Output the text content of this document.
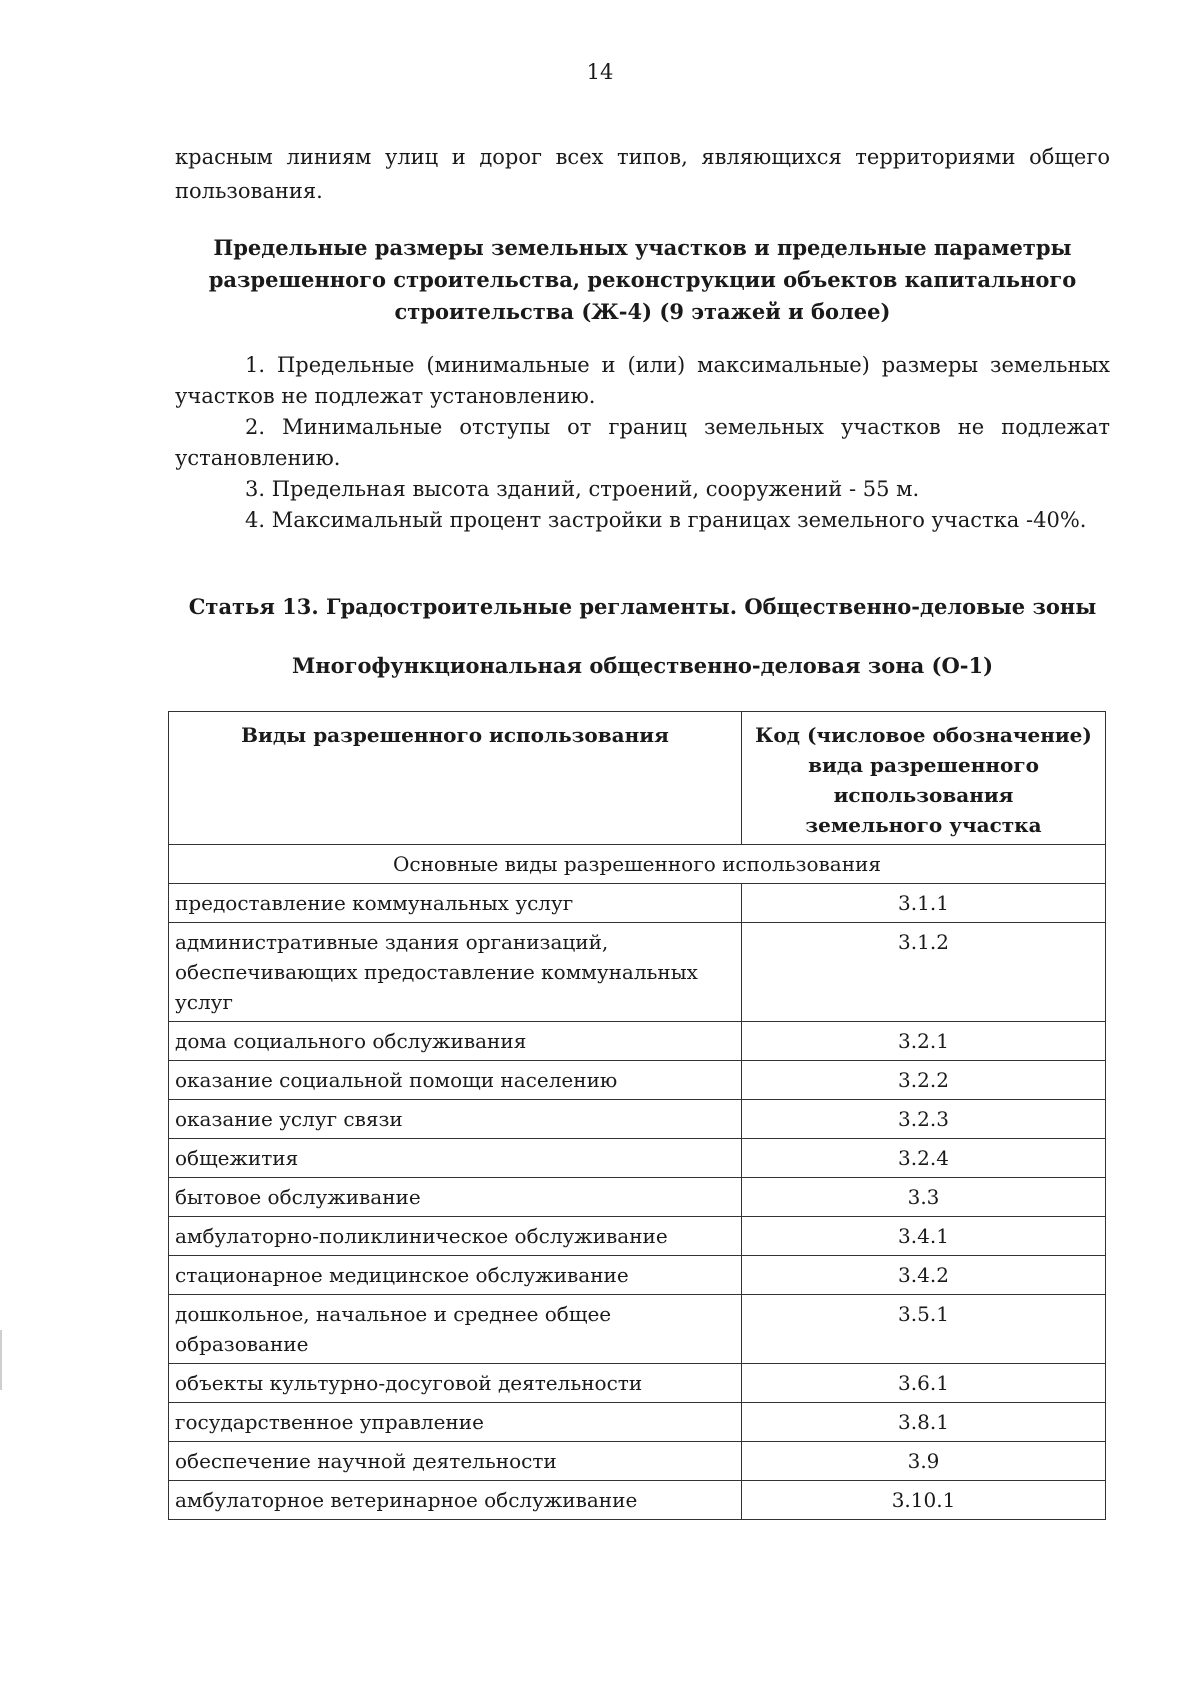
14
красным линиям улиц и дорог всех типов, являющихся территориями общего пользования.
Предельные размеры земельных участков и предельные параметры разрешенного строительства, реконструкции объектов капитального строительства (Ж-4) (9 этажей и более)

1. Предельные (минимальные и (или) максимальные) размеры земельных участков не подлежат установлению.

2. Минимальные отступы от границ земельных участков не подлежат установлению.

3. Предельная высота зданий, строений, сооружений - 55 м.

4. Максимальный процент застройки в границах земельного участка -40%.

Статья 13. Градостроительные регламенты. Общественно-деловые зоны
Многофункциональная общественно-деловая зона (О-1)
Виды разрешенного использования	Код (числовое обозначение)
вида разрешенного
использования
земельного участка

Основные виды разрешенного использования	
предоставление коммунальных услуг	3.1.1
административные здания организаций, обеспечивающих предоставление коммунальных услуг	3.1.2
дома социального обслуживания	3.2.1
оказание социальной помощи населению	3.2.2
оказание услуг связи	3.2.3
общежития	3.2.4
бытовое обслуживание	3.3
амбулаторно-поликлиническое обслуживание	3.4.1
стационарное медицинское обслуживание	3.4.2
дошкольное, начальное и среднее общее образование	3.5.1
объекты культурно-досуговой деятельности	3.6.1
государственное управление	3.8.1
обеспечение научной деятельности	3.9
амбулаторное ветеринарное обслуживание	3.10.1
